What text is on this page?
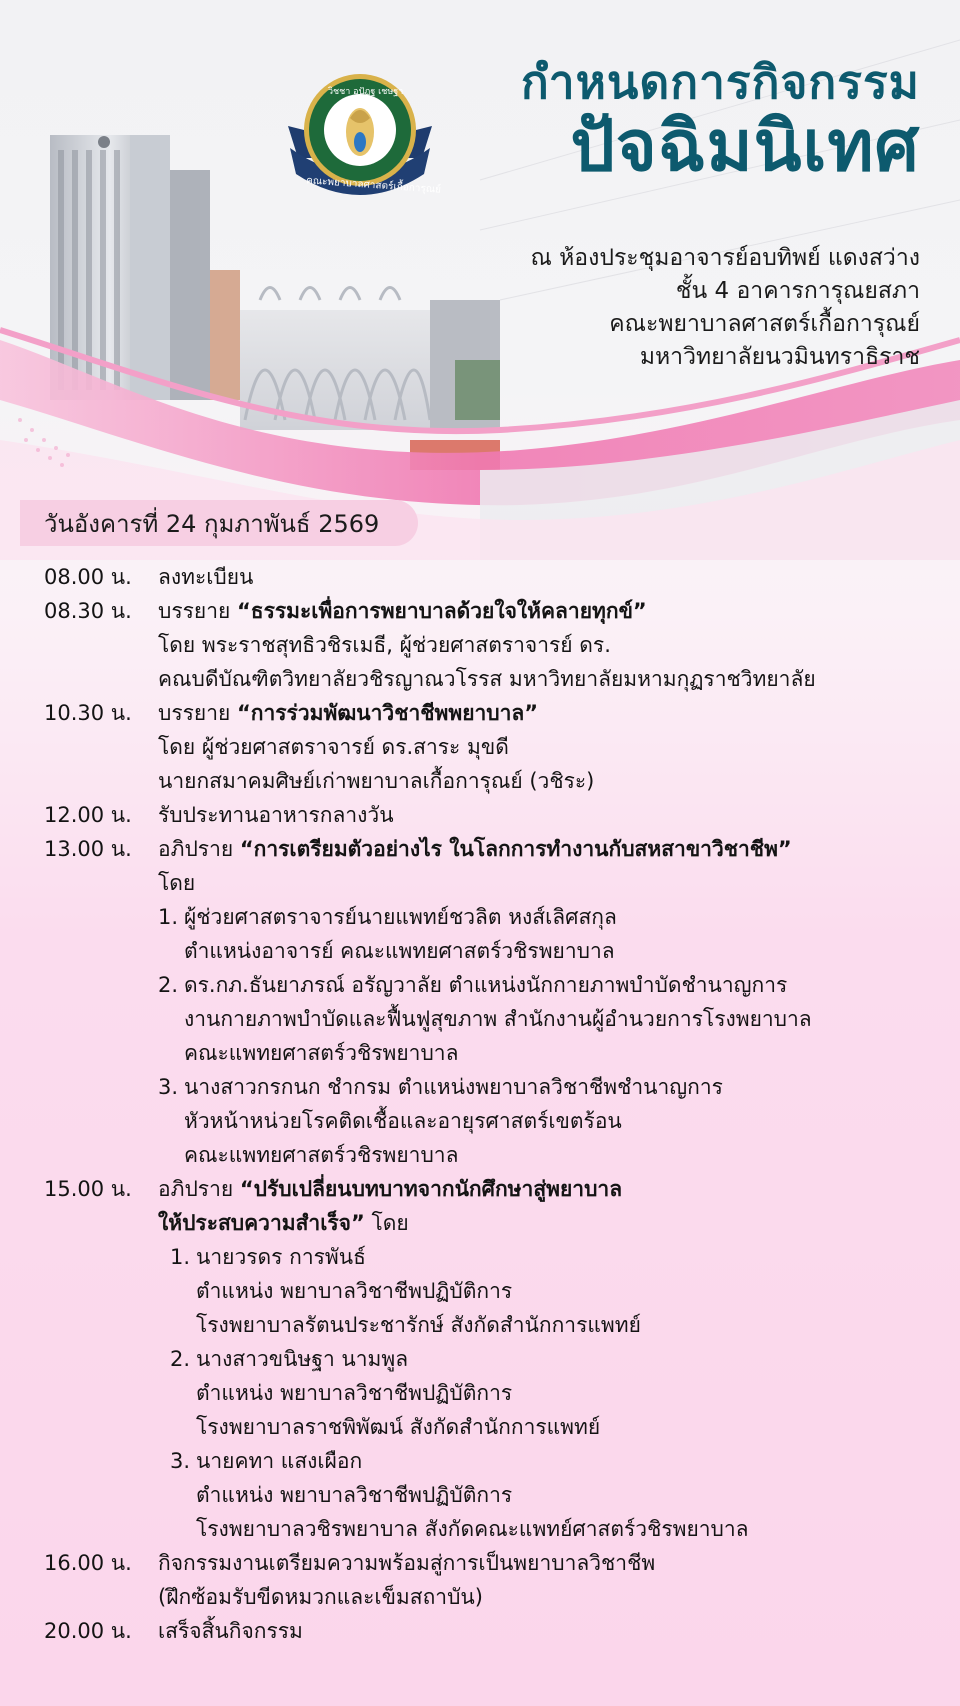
วิชชา อุปัฏฐ เชษฐา
คณะพยาบาลศาสตร์เกื้อการุณย์
กำหนดการกิจกรรม
ปัจฉิมนิเทศ
ณ ห้องประชุมอาจารย์อบทิพย์ แดงสว่าง
ชั้น 4 อาคารการุณยสภา
คณะพยาบาลศาสตร์เกื้อการุณย์
มหาวิทยาลัยนวมินทราธิราช
วันอังคารที่ 24 กุมภาพันธ์ 2569
08.00 น.	ลงทะเบียน
08.30 น.	บรรยาย “ธรรมะเพื่อการพยาบาลด้วยใจให้คลายทุกข์”
โดย พระราชสุทธิวชิรเมธี, ผู้ช่วยศาสตราจารย์ ดร.
คณบดีบัณฑิตวิทยาลัยวชิรญาณวโรรส มหาวิทยาลัยมหามกุฏราชวิทยาลัย
10.30 น.	บรรยาย “การร่วมพัฒนาวิชาชีพพยาบาล”
โดย ผู้ช่วยศาสตราจารย์ ดร.สาระ มุขดี
นายกสมาคมศิษย์เก่าพยาบาลเกื้อการุณย์ (วชิระ)
12.00 น.	รับประทานอาหารกลางวัน
13.00 น.	อภิปราย “การเตรียมตัวอย่างไร ในโลกการทำงานกับสหสาขาวิชาชีพ”
โดย
1. ผู้ช่วยศาสตราจารย์นายแพทย์ชวลิต หงส์เลิศสกุล
ตำแหน่งอาจารย์ คณะแพทยศาสตร์วชิรพยาบาล
2. ดร.กภ.ธันยาภรณ์ อรัญวาลัย ตำแหน่งนักกายภาพบำบัดชำนาญการ
งานกายภาพบำบัดและฟื้นฟูสุขภาพ สำนักงานผู้อำนวยการโรงพยาบาล
คณะแพทยศาสตร์วชิรพยาบาล
3. นางสาวกรกนก ชำกรม ตำแหน่งพยาบาลวิชาชีพชำนาญการ
หัวหน้าหน่วยโรคติดเชื้อและอายุรศาสตร์เขตร้อน
คณะแพทยศาสตร์วชิรพยาบาล
15.00 น.	อภิปราย “ปรับเปลี่ยนบทบาทจากนักศึกษาสู่พยาบาล
ให้ประสบความสำเร็จ” โดย
1. นายวรดร การพันธ์
ตำแหน่ง พยาบาลวิชาชีพปฏิบัติการ
โรงพยาบาลรัตนประชารักษ์ สังกัดสำนักการแพทย์
2. นางสาวขนิษฐา นามพูล
ตำแหน่ง พยาบาลวิชาชีพปฏิบัติการ
โรงพยาบาลราชพิพัฒน์ สังกัดสำนักการแพทย์
3. นายคทา แสงเผือก
ตำแหน่ง พยาบาลวิชาชีพปฏิบัติการ
โรงพยาบาลวชิรพยาบาล สังกัดคณะแพทย์ศาสตร์วชิรพยาบาล
16.00 น.	กิจกรรมงานเตรียมความพร้อมสู่การเป็นพยาบาลวิชาชีพ
(ฝึกซ้อมรับขีดหมวกและเข็มสถาบัน)
20.00 น.	เสร็จสิ้นกิจกรรม
